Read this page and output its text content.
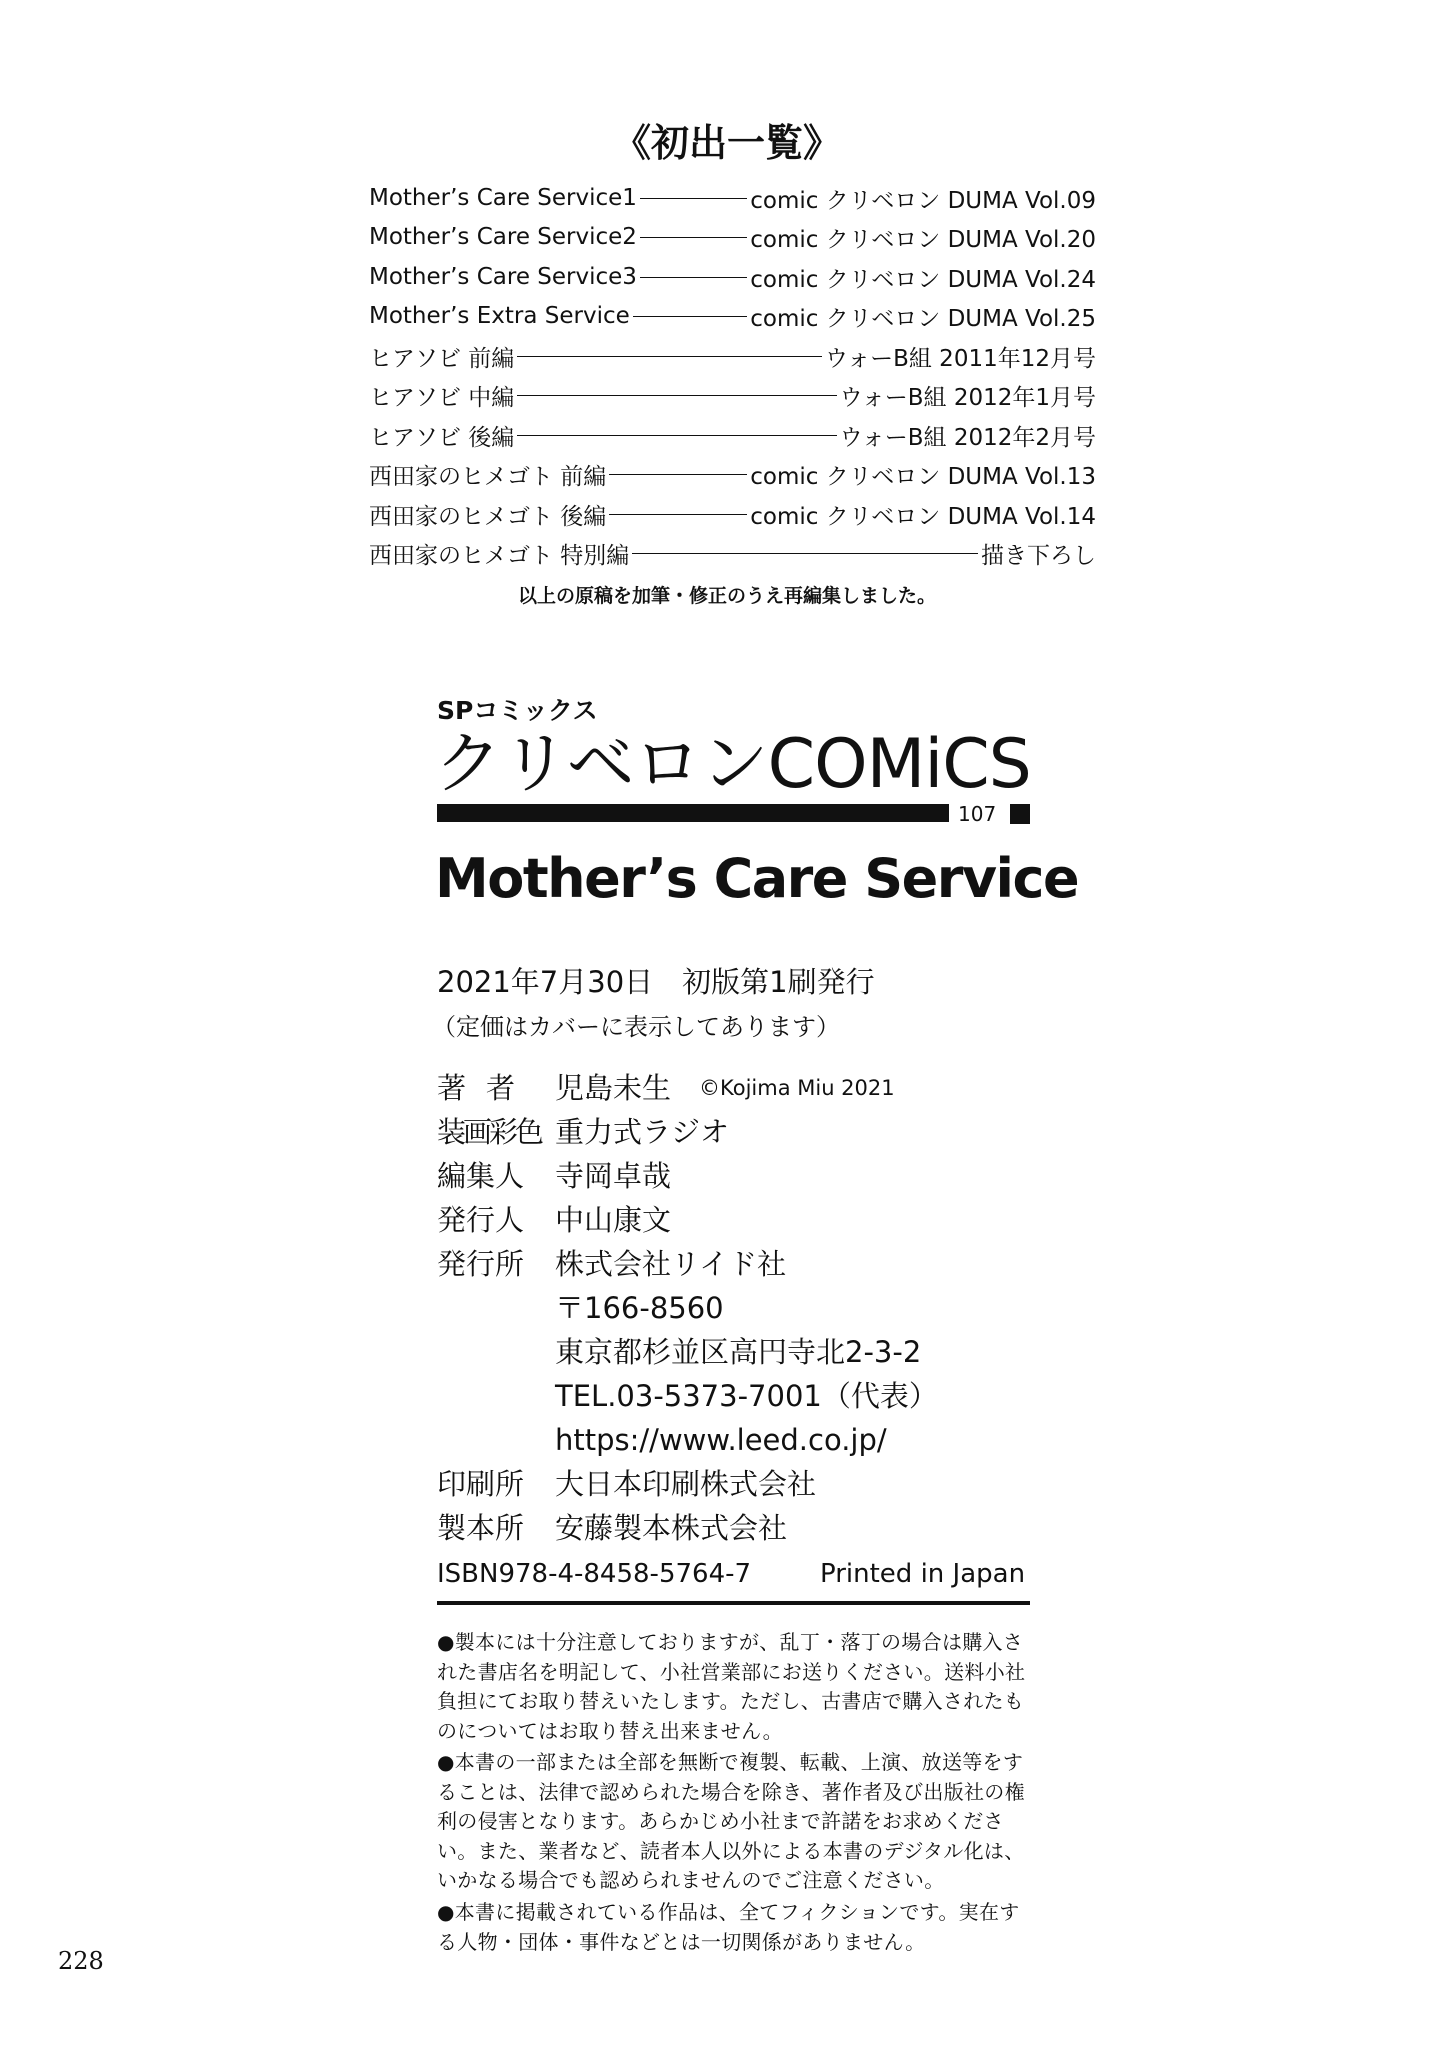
《初出一覧》
Mother’s Care Service1	comic クリベロン DUMA Vol.09
Mother’s Care Service2	comic クリベロン DUMA Vol.20
Mother’s Care Service3	comic クリベロン DUMA Vol.24
Mother’s Extra Service	comic クリベロン DUMA Vol.25
ヒアソビ 前編	ウォーB組 2011年12月号
ヒアソビ 中編	ウォーB組 2012年1月号
ヒアソビ 後編	ウォーB組 2012年2月号
西田家のヒメゴト 前編	comic クリベロン DUMA Vol.13
西田家のヒメゴト 後編	comic クリベロン DUMA Vol.14
西田家のヒメゴト 特別編	描き下ろし
以上の原稿を加筆・修正のうえ再編集しました。
SPコミックス
クリベロンCOMiCS
107
Mother’s Care Service
2021年7月30日　初版第1刷発行
（定価はカバーに表示してあります）
著者 児島未生 ©Kojima Miu 2021
装画彩色 重力式ラジオ
編集人 寺岡卓哉
発行人 中山康文
発行所 株式会社リイド社
〒166-8560
東京都杉並区高円寺北2-3-2
TEL.03-5373-7001（代表）
https://www.leed.co.jp/
印刷所 大日本印刷株式会社
製本所 安藤製本株式会社
ISBN978-4-8458-5764-7	Printed in Japan
●製本には十分注意しておりますが、乱丁・落丁の場合は購入された書店名を明記して、小社営業部にお送りください。送料小社負担にてお取り替えいたします。ただし、古書店で購入されたものについてはお取り替え出来ません。
●本書の一部または全部を無断で複製、転載、上演、放送等をすることは、法律で認められた場合を除き、著作者及び出版社の権利の侵害となります。あらかじめ小社まで許諾をお求めください。また、業者など、読者本人以外による本書のデジタル化は、いかなる場合でも認められませんのでご注意ください。
●本書に掲載されている作品は、全てフィクションです。実在する人物・団体・事件などとは一切関係がありません。
228
